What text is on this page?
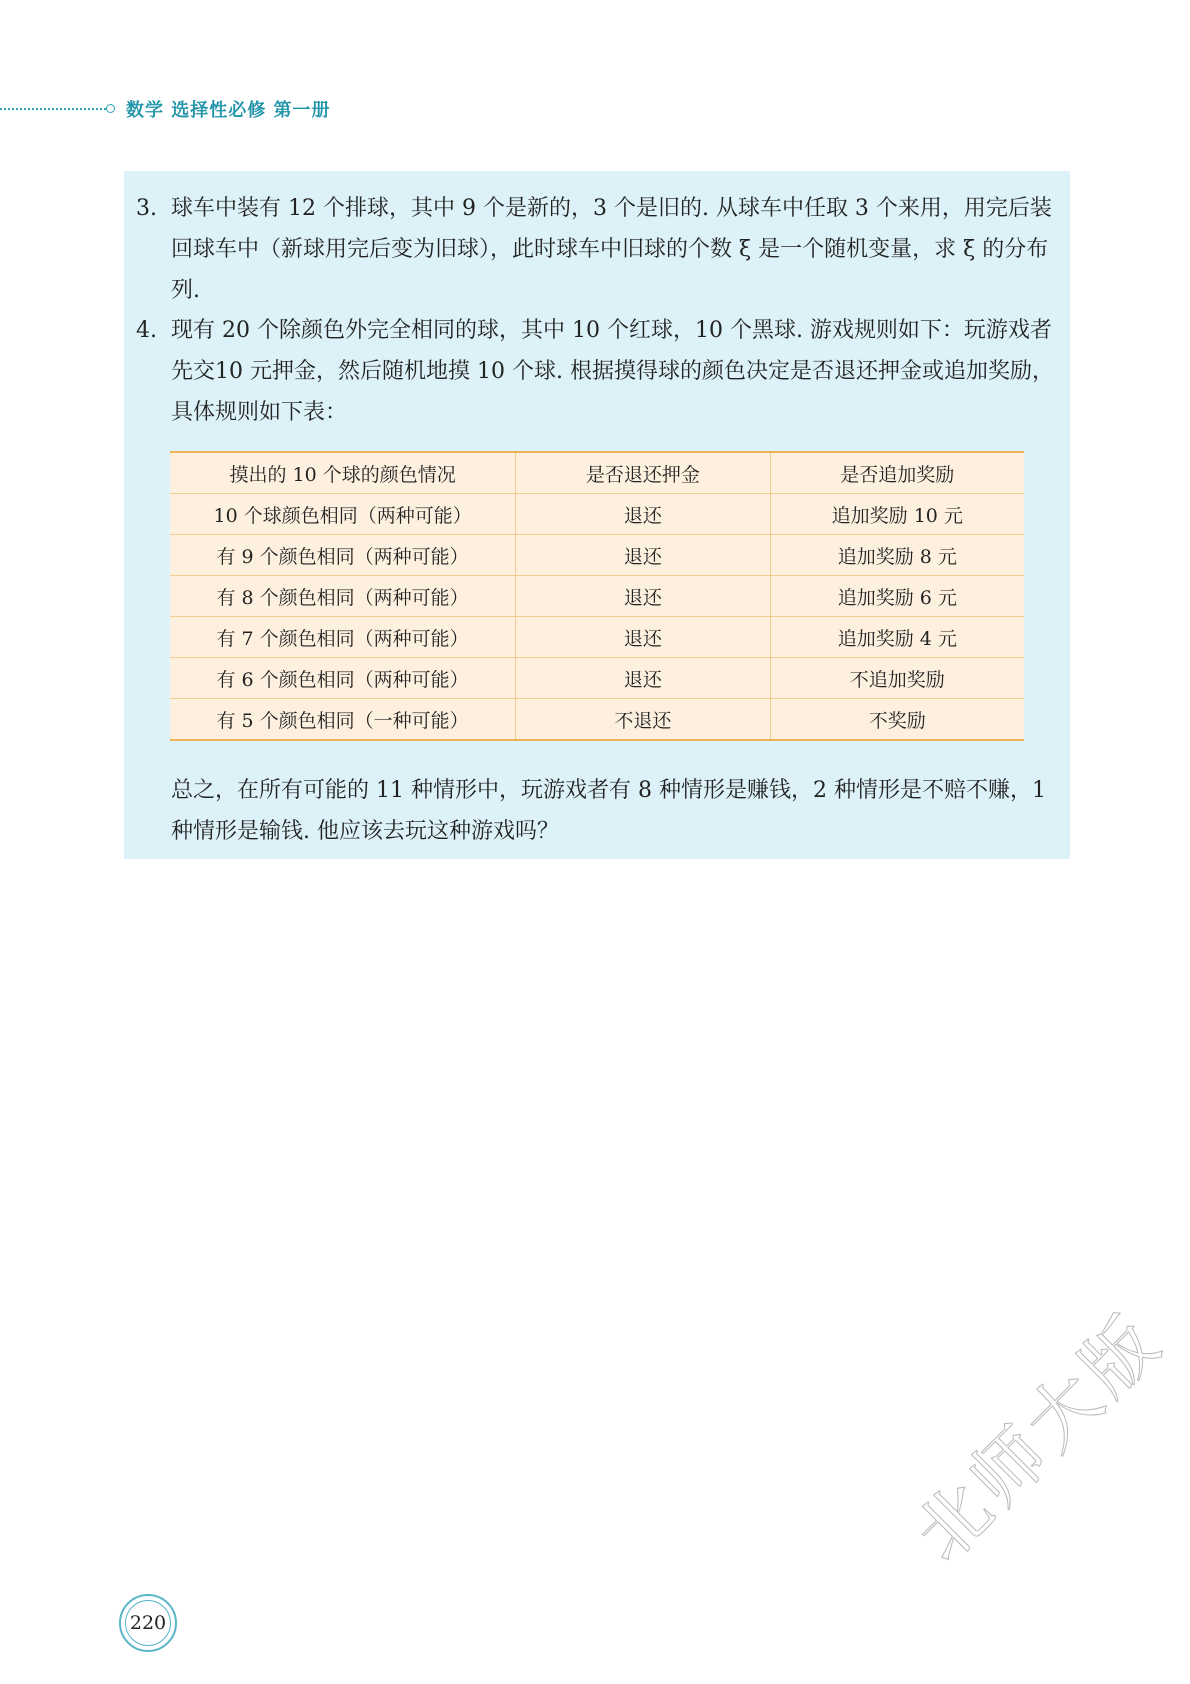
数学 选择性必修 第一册
3. 球车中装有 12 个排球，其中 9 个是新的，3 个是旧的. 从球车中任取 3 个来用，用完后装回球车中（新球用完后变为旧球），此时球车中旧球的个数 ξ 是一个随机变量，求 ξ 的分布列.
4. 现有 20 个除颜色外完全相同的球，其中 10 个红球，10 个黑球. 游戏规则如下：玩游戏者先交10 元押金，然后随机地摸 10 个球. 根据摸得球的颜色决定是否退还押金或追加奖励，具体规则如下表：
摸出的 10 个球的颜色情况	是否退还押金	是否追加奖励
10 个球颜色相同（两种可能）	退还	追加奖励 10 元
有 9 个颜色相同（两种可能）	退还	追加奖励 8 元
有 8 个颜色相同（两种可能）	退还	追加奖励 6 元
有 7 个颜色相同（两种可能）	退还	追加奖励 4 元
有 6 个颜色相同（两种可能）	退还	不追加奖励
有 5 个颜色相同（一种可能）	不退还	不奖励
总之，在所有可能的 11 种情形中，玩游戏者有 8 种情形是赚钱，2 种情形是不赔不赚，1 种情形是输钱. 他应该去玩这种游戏吗？
220
北师大版
